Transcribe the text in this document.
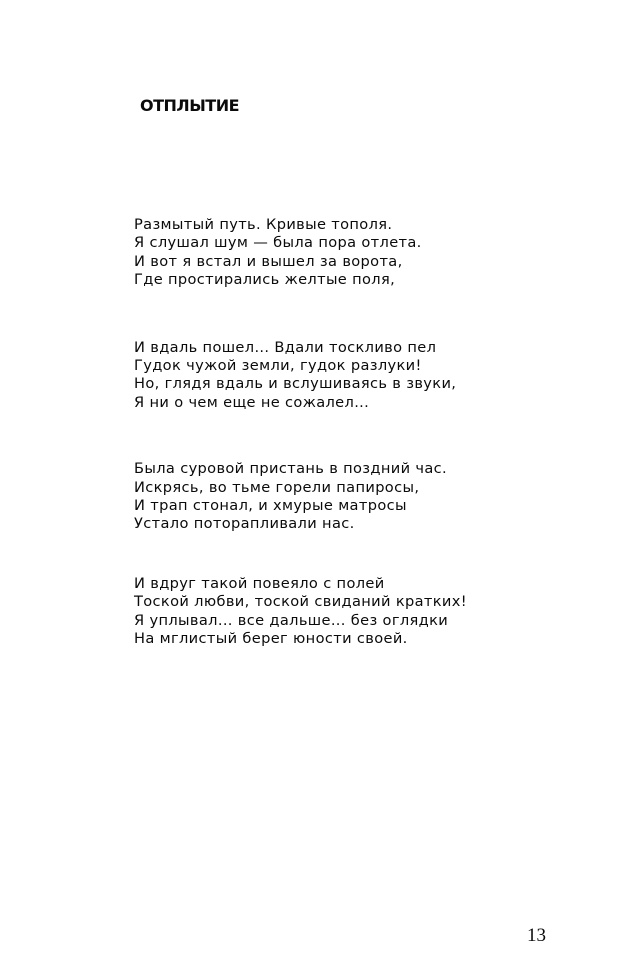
ОТПЛЫТИЕ
Размытый путь. Кривые тополя.
Я слушал шум — была пора отлета.
И вот я встал и вышел за ворота,
Где простирались желтые поля,
И вдаль пошел... Вдали тоскливо пел
Гудок чужой земли, гудок разлуки!
Но, глядя вдаль и вслушиваясь в звуки,
Я ни о чем еще не сожалел...
Была суровой пристань в поздний час.
Искрясь, во тьме горели папиросы,
И трап стонал, и хмурые матросы
Устало поторапливали нас.
И вдруг такой повеяло с полей
Тоской любви, тоской свиданий кратких!
Я уплывал... все дальше... без оглядки
На мглистый берег юности своей.
13
